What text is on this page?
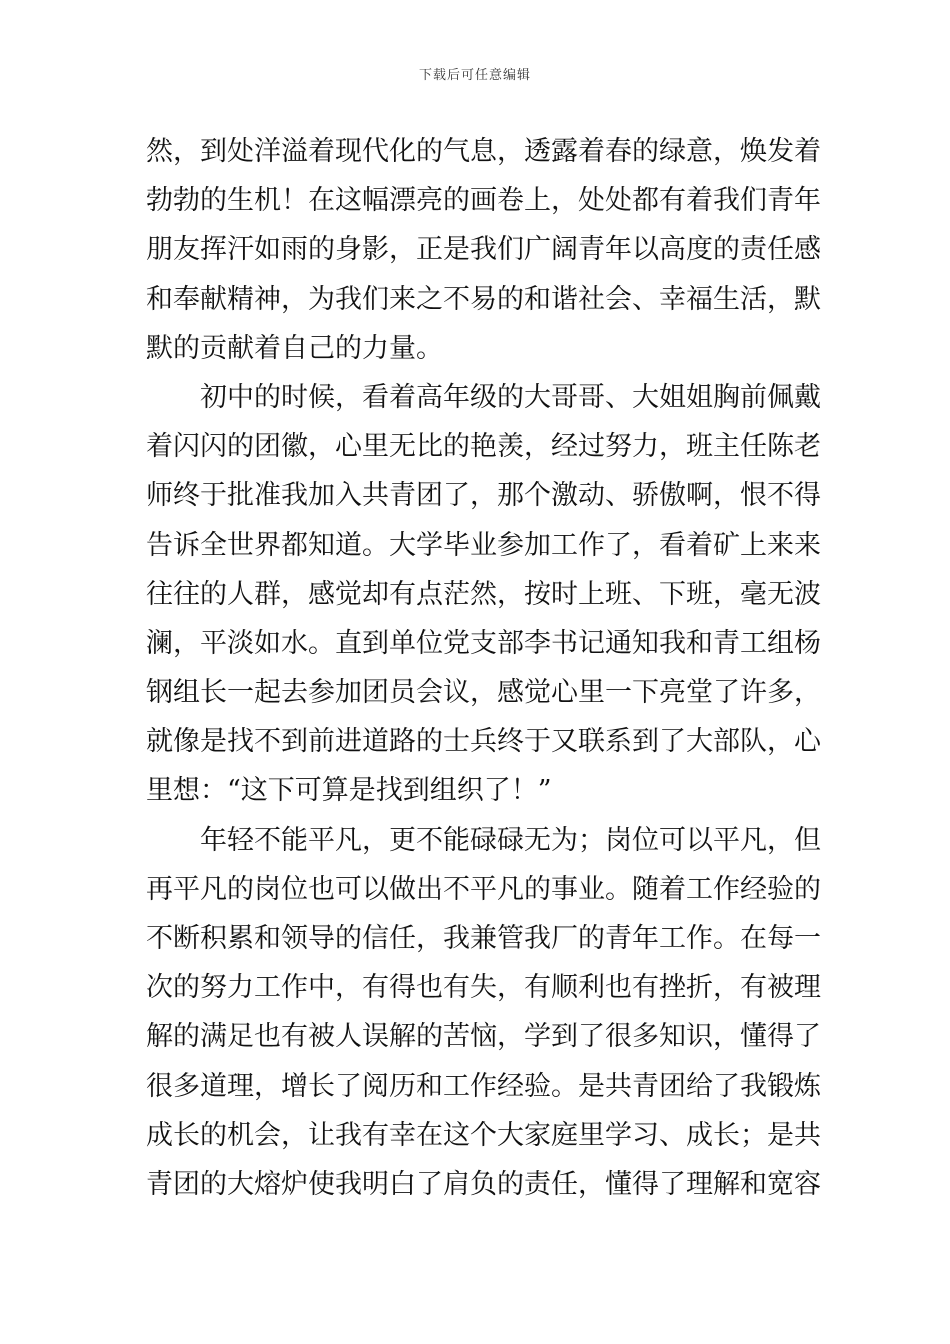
下载后可任意编辑
然，到处洋溢着现代化的气息，透露着春的绿意，焕发着
勃勃的生机！在这幅漂亮的画卷上，处处都有着我们青年
朋友挥汗如雨的身影，正是我们广阔青年以高度的责任感
和奉献精神，为我们来之不易的和谐社会、幸福生活，默
默的贡献着自己的力量。
初中的时候，看着高年级的大哥哥、大姐姐胸前佩戴
着闪闪的团徽，心里无比的艳羡，经过努力，班主任陈老
师终于批准我加入共青团了，那个激动、骄傲啊，恨不得
告诉全世界都知道。大学毕业参加工作了，看着矿上来来
往往的人群，感觉却有点茫然，按时上班、下班，毫无波
澜，平淡如水。直到单位党支部李书记通知我和青工组杨
钢组长一起去参加团员会议，感觉心里一下亮堂了许多，
就像是找不到前进道路的士兵终于又联系到了大部队，心
里想：“这下可算是找到组织了！”
年轻不能平凡，更不能碌碌无为；岗位可以平凡，但
再平凡的岗位也可以做出不平凡的事业。随着工作经验的
不断积累和领导的信任，我兼管我厂的青年工作。在每一
次的努力工作中，有得也有失，有顺利也有挫折，有被理
解的满足也有被人误解的苦恼，学到了很多知识，懂得了
很多道理，增长了阅历和工作经验。是共青团给了我锻炼
成长的机会，让我有幸在这个大家庭里学习、成长；是共
青团的大熔炉使我明白了肩负的责任，懂得了理解和宽容
